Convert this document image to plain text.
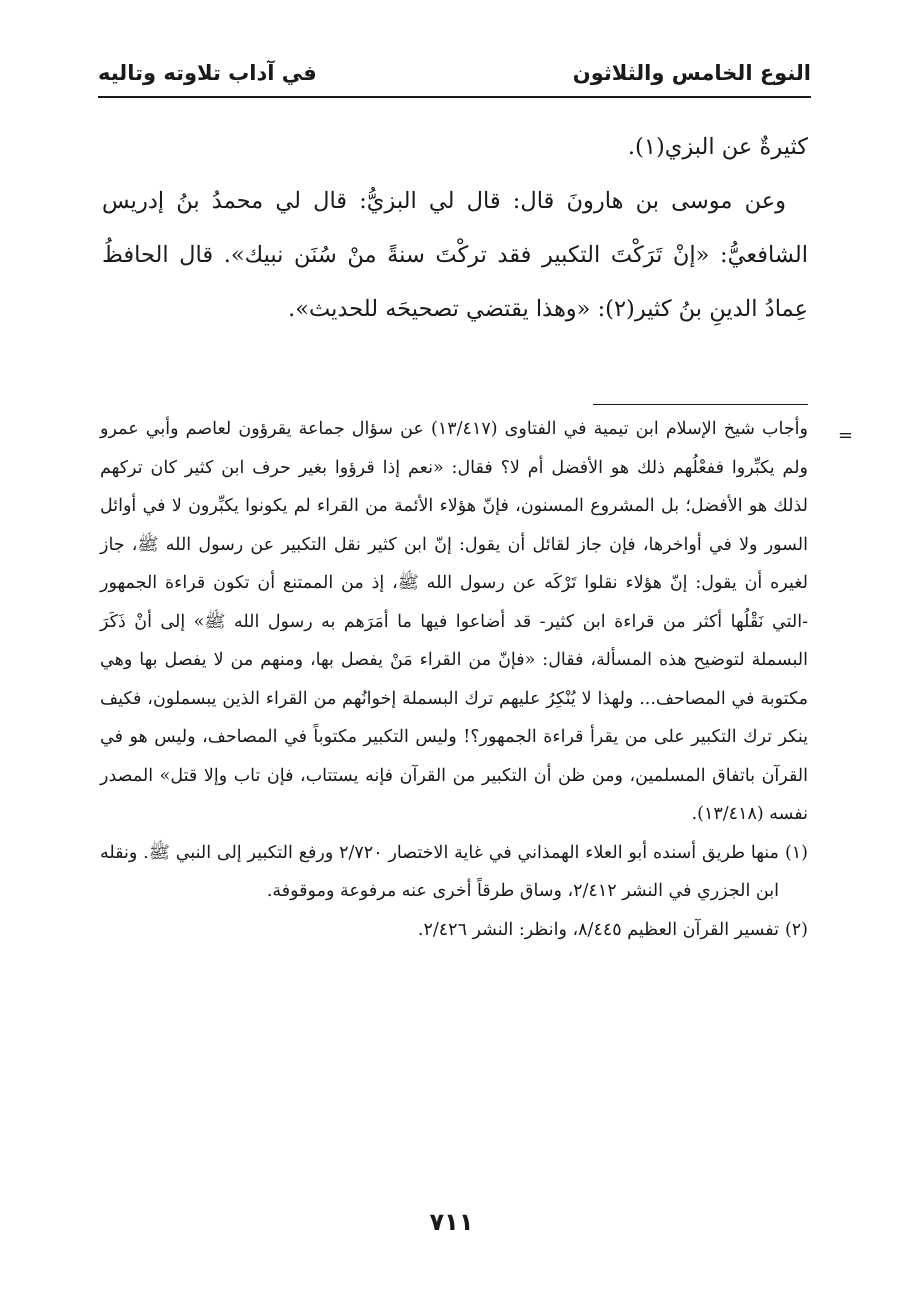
النوع الخامس والثلاثون
في آداب تلاوته وتاليه

كثيرةٌ عن البزي(١).

وعن موسى بن هارونَ قال: قال لي البزيُّ: قال لي محمدُ بنُ إدريس الشافعيُّ: «إنْ تَرَكْتَ التكبير فقد تركْتَ سنةً منْ سُنَن نبيك». قال الحافظُ عِمادُ الدينِ بنُ كثير(٢): «وهذا يقتضي تصحيحَه للحديث».

=

وأجاب شيخ الإسلام ابن تيمية في الفتاوى (١٣/٤١٧) عن سؤال جماعة يقرؤون لعاصم وأبي عمرو ولم يكبِّروا ففعْلُهم ذلك هو الأفضل أم لا؟ فقال: «نعم إذا قرؤوا بغير حرف ابن كثير كان تركهم لذلك هو الأفضل؛ بل المشروع المسنون، فإنّ هؤلاء الأئمة من القراء لم يكونوا يكبِّرون لا في أوائل السور ولا في أواخرها، فإن جاز لقائل أن يقول: إنّ ابن كثير نقل التكبير عن رسول الله ﷺ، جاز لغيره أن يقول: إنّ هؤلاء نقلوا تَرْكَه عن رسول الله ﷺ، إذ من الممتنع أن تكون قراءة الجمهور -التي نَقْلُها أكثر من قراءة ابن كثير- قد أضاعوا فيها ما أمَرَهم به رسول الله ﷺ» إلى أنْ ذَكَرَ البسملة لتوضيح هذه المسألة، فقال: «فإنّ من القراء مَنْ يفصل بها، ومنهم من لا يفصل بها وهي مكتوبة في المصاحف... ولهذا لا يُنْكِرُ عليهم ترك البسملة إخوانُهم من القراء الذين يبسملون، فكيف ينكر ترك التكبير على من يقرأ قراءة الجمهور؟! وليس التكبير مكتوباً في المصاحف، وليس هو في القرآن باتفاق المسلمين، ومن ظن أن التكبير من القرآن فإنه يستتاب، فإن تاب وإلا قتل» المصدر نفسه (١٣/٤١٨).

(١)
منها طريق أسنده أبو العلاء الهمذاني في غاية الاختصار ٢/٧٢٠ ورفع التكبير إلى النبي ﷺ. ونقله ابن الجزري في النشر ٢/٤١٢، وساق طرقاً أخرى عنه مرفوعة وموقوفة.
(٢)
تفسير القرآن العظيم ٨/٤٤٥، وانظر: النشر ٢/٤٢٦.
٧١١
